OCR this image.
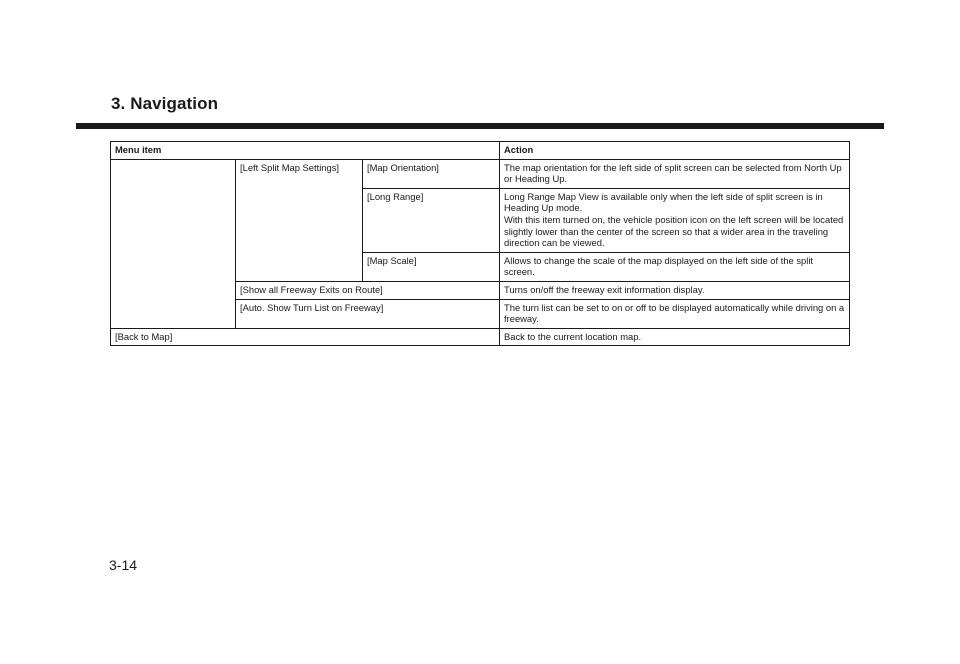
3. Navigation
Menu item			Action
	[Left Split Map Settings]	[Map Orientation]	The map orientation for the left side of split screen can be selected from North Up or Heading Up.
		[Long Range]	Long Range Map View is available only when the left side of split screen is in Heading Up mode.
With this item turned on, the vehicle position icon on the left screen will be located slightly lower than the center of the screen so that a wider area in the traveling direction can be viewed.

		[Map Scale]	Allows to change the scale of the map displayed on the left side of the split screen.
	[Show all Freeway Exits on Route]		Turns on/off the freeway exit information display.
	[Auto. Show Turn List on Freeway]		The turn list can be set to on or off to be displayed automatically while driving on a freeway.
[Back to Map]			Back to the current location map.
3-14
